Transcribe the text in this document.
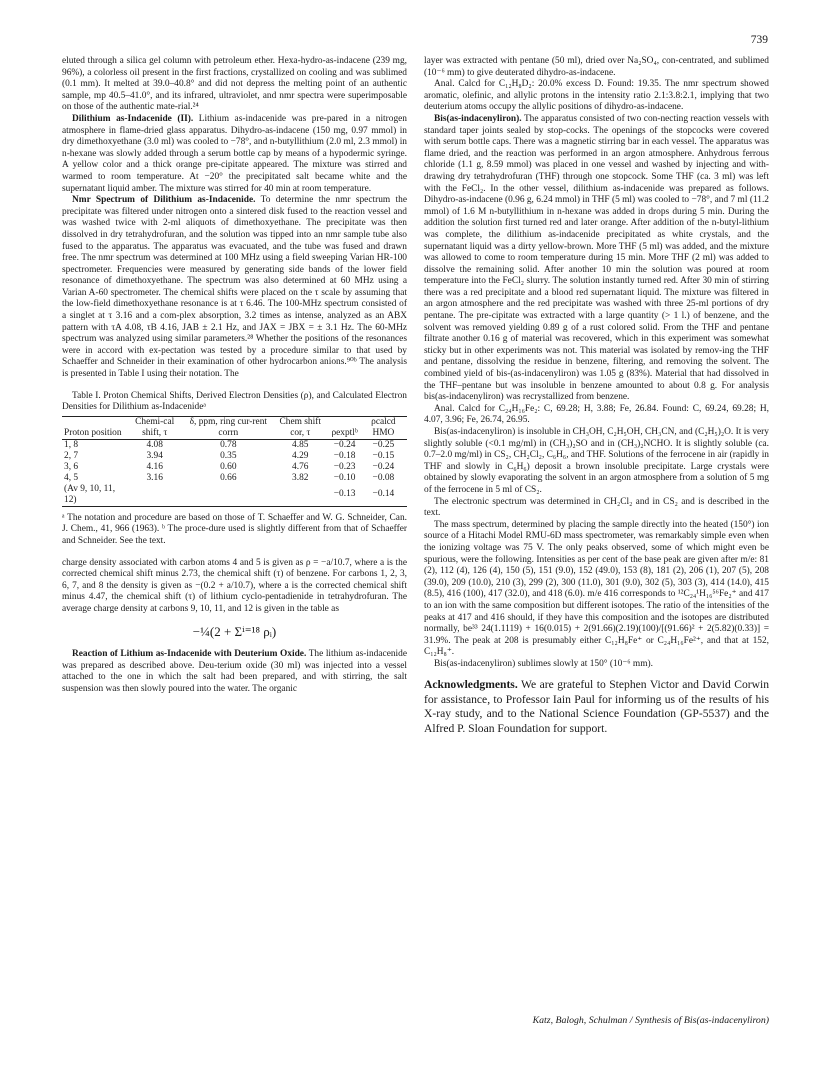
739

eluted through a silica gel column with petroleum ether. Hexa-hydro-as-indacene (239 mg, 96%), a colorless oil present in the first fractions, crystallized on cooling and was sublimed (0.1 mm). It melted at 39.0–40.8° and did not depress the melting point of an authentic sample, mp 40.5–41.0°, and its infrared, ultraviolet, and nmr spectra were superimposable on those of the authentic mate-rial.²⁴

Dilithium as-Indacenide (II). Lithium as-indacenide was pre-pared in a nitrogen atmosphere in flame-dried glass apparatus. Dihydro-as-indacene (150 mg, 0.97 mmol) in dry dimethoxyethane (3.0 ml) was cooled to −78°, and n-butyllithium (2.0 ml, 2.3 mmol) in n-hexane was slowly added through a serum bottle cap by means of a hypodermic syringe. A yellow color and a thick orange pre-cipitate appeared. The mixture was stirred and warmed to room temperature. At −20° the precipitated salt became white and the supernatant liquid amber. The mixture was stirred for 40 min at room temperature.

Nmr Spectrum of Dilithium as-Indacenide. To determine the nmr spectrum the precipitate was filtered under nitrogen onto a sintered disk fused to the reaction vessel and was washed twice with 2-ml aliquots of dimethoxyethane. The precipitate was then dissolved in dry tetrahydrofuran, and the solution was tipped into an nmr sample tube also fused to the apparatus. The apparatus was evacuated, and the tube was fused and drawn free. The nmr spectrum was determined at 100 MHz using a field sweeping Varian HR-100 spectrometer. Frequencies were measured by generating side bands of the lower field resonance of dimethoxyethane. The spectrum was also determined at 60 MHz using a Varian A-60 spectrometer. The chemical shifts were placed on the τ scale by assuming that the low-field dimethoxyethane resonance is at τ 6.46. The 100-MHz spectrum consisted of a singlet at τ 3.16 and a com-plex absorption, 3.2 times as intense, analyzed as an ABX pattern with τA 4.08, τB 4.16, JAB ± 2.1 Hz, and JAX = JBX = ± 3.1 Hz. The 60-MHz spectrum was analyzed using similar parameters.²⁸ Whether the positions of the resonances were in accord with ex-pectation was tested by a procedure similar to that used by Schaeffer and Schneider in their examination of other hydrocarbon anions.⁹⁰ᵇ The analysis is presented in Table I using their notation. The

Table I. Proton Chemical Shifts, Derived Electron Densities (ρ), and Calculated Electron Densities for Dilithium as-Indacenideᵃ

Proton position	Chemi-cal shift, τ	δ, ppm, ring cur-rent corrn	Chem shift cor, τ	ρexptlᵇ	ρcalcd HMO
1, 8	4.08	0.78	4.85	−0.24	−0.25
2, 7	3.94	0.35	4.29	−0.18	−0.15
3, 6	4.16	0.60	4.76	−0.23	−0.24
4, 5	3.16	0.66	3.82	−0.10	−0.08
(Av 9, 10, 11, 12)				−0.13	−0.14

ᵃ The notation and procedure are based on those of T. Schaeffer and W. G. Schneider, Can. J. Chem., 41, 966 (1963). ᵇ The proce-dure used is slightly different from that of Schaeffer and Schneider. See the text.

charge density associated with carbon atoms 4 and 5 is given as ρ = −a/10.7, where a is the corrected chemical shift minus 2.73, the chemical shift (τ) of benzene. For carbons 1, 2, 3, 6, 7, and 8 the density is given as −(0.2 + a/10.7), where a is the corrected chemical shift minus 4.47, the chemical shift (τ) of lithium cyclo-pentadienide in tetrahydrofuran. The average charge density at carbons 9, 10, 11, and 12 is given in the table as

−¼(2 + Σⁱ⁼¹⁸ ρᵢ)

Reaction of Lithium as-Indacenide with Deuterium Oxide. The lithium as-indacenide was prepared as described above. Deu-terium oxide (30 ml) was injected into a vessel attached to the one in which the salt had been prepared, and with stirring, the salt suspension was then slowly poured into the water. The organic

layer was extracted with pentane (50 ml), dried over Na₂SO₄, con-centrated, and sublimed (10⁻⁶ mm) to give deuterated dihydro-as-indacene.

Anal. Calcd for C₁₂H₈D₂: 20.0% excess D. Found: 19.35. The nmr spectrum showed aromatic, olefinic, and allylic protons in the intensity ratio 2.1:3.8:2.1, implying that two deuterium atoms occupy the allylic positions of dihydro-as-indacene.

Bis(as-indacenyliron). The apparatus consisted of two con-necting reaction vessels with standard taper joints sealed by stop-cocks. The openings of the stopcocks were covered with serum bottle caps. There was a magnetic stirring bar in each vessel. The apparatus was flame dried, and the reaction was performed in an argon atmosphere. Anhydrous ferrous chloride (1.1 g, 8.59 mmol) was placed in one vessel and washed by injecting and with-drawing dry tetrahydrofuran (THF) through one stopcock. Some THF (ca. 3 ml) was left with the FeCl₂. In the other vessel, dilithium as-indacenide was prepared as follows. Dihydro-as-indacene (0.96 g, 6.24 mmol) in THF (5 ml) was cooled to −78°, and 7 ml (11.2 mmol) of 1.6 M n-butyllithium in n-hexane was added in drops during 5 min. During the addition the solution first turned red and later orange. After addition of the n-butyl-lithium was complete, the dilithium as-indacenide precipitated as white crystals, and the supernatant liquid was a dirty yellow-brown. More THF (5 ml) was added, and the mixture was allowed to come to room temperature during 15 min. More THF (2 ml) was added to dissolve the remaining solid. After another 10 min the solution was poured at room temperature into the FeCl₂ slurry. The solution instantly turned red. After 30 min of stirring there was a red precipitate and a blood red supernatant liquid. The mixture was filtered in an argon atmosphere and the red precipitate was washed with three 25-ml portions of dry pentane. The pre-cipitate was extracted with a large quantity (> 1 l.) of benzene, and the solvent was removed yielding 0.89 g of a rust colored solid. From the THF and pentane filtrate another 0.16 g of material was recovered, which in this experiment was somewhat sticky but in other experiments was not. This material was isolated by remov-ing the THF and pentane, dissolving the residue in benzene, filtering, and removing the solvent. The combined yield of bis-(as-indacenyliron) was 1.05 g (83%). Material that had dissolved in the THF–pentane but was insoluble in benzene amounted to about 0.8 g. For analysis bis(as-indacenyliron) was recrystallized from benzene.

Anal. Calcd for C₂₄H₁₆Fe₂: C, 69.28; H, 3.88; Fe, 26.84. Found: C, 69.24, 69.28; H, 4.07, 3.96; Fe, 26.74, 26.95.

Bis(as-indacenyliron) is insoluble in CH₃OH, C₂H₅OH, CH₃CN, and (C₂H₅)₂O. It is very slightly soluble (<0.1 mg/ml) in (CH₃)₂SO and in (CH₃)₂NCHO. It is slightly soluble (ca. 0.7–2.0 mg/ml) in CS₂, CH₂Cl₂, C₆H₆, and THF. Solutions of the ferrocene in air (rapidly in THF and slowly in C₆H₆) deposit a brown insoluble precipitate. Large crystals were obtained by slowly evaporating the solvent in an argon atmosphere from a solution of 5 mg of the ferrocene in 5 ml of CS₂.

The electronic spectrum was determined in CH₂Cl₂ and in CS₂ and is described in the text.

The mass spectrum, determined by placing the sample directly into the heated (150°) ion source of a Hitachi Model RMU-6D mass spectrometer, was remarkably simple even when the ionizing voltage was 75 V. The only peaks observed, some of which might even be spurious, were the following. Intensities as per cent of the base peak are given after m/e: 81 (2), 112 (4), 126 (4), 150 (5), 151 (9.0), 152 (49.0), 153 (8), 181 (2), 206 (1), 207 (5), 208 (39.0), 209 (10.0), 210 (3), 299 (2), 300 (11.0), 301 (9.0), 302 (5), 303 (3), 414 (14.0), 415 (8.5), 416 (100), 417 (32.0), and 418 (6.0). m/e 416 corresponds to ¹²C₂₄¹H₁₆⁵⁶Fe₂⁺ and 417 to an ion with the same composition but different isotopes. The ratio of the intensities of the peaks at 417 and 416 should, if they have this composition and the isotopes are distributed normally, be³³ 24(1.1119) + 16(0.015) + 2(91.66)(2.19)(100)/[(91.66)² + 2(5.82)(0.33)] = 31.9%. The peak at 208 is presumably either C₁₂H₈Fe⁺ or C₂₄H₁₆Fe²⁺, and that at 152, C₁₂H₈⁺.

Bis(as-indacenyliron) sublimes slowly at 150° (10⁻⁶ mm).

Acknowledgments. We are grateful to Stephen Victor and David Corwin for assistance, to Professor Iain Paul for informing us of the results of his X-ray study, and to the National Science Foundation (GP-5537) and the Alfred P. Sloan Foundation for support.
Katz, Balogh, Schulman / Synthesis of Bis(as-indacenyliron)
